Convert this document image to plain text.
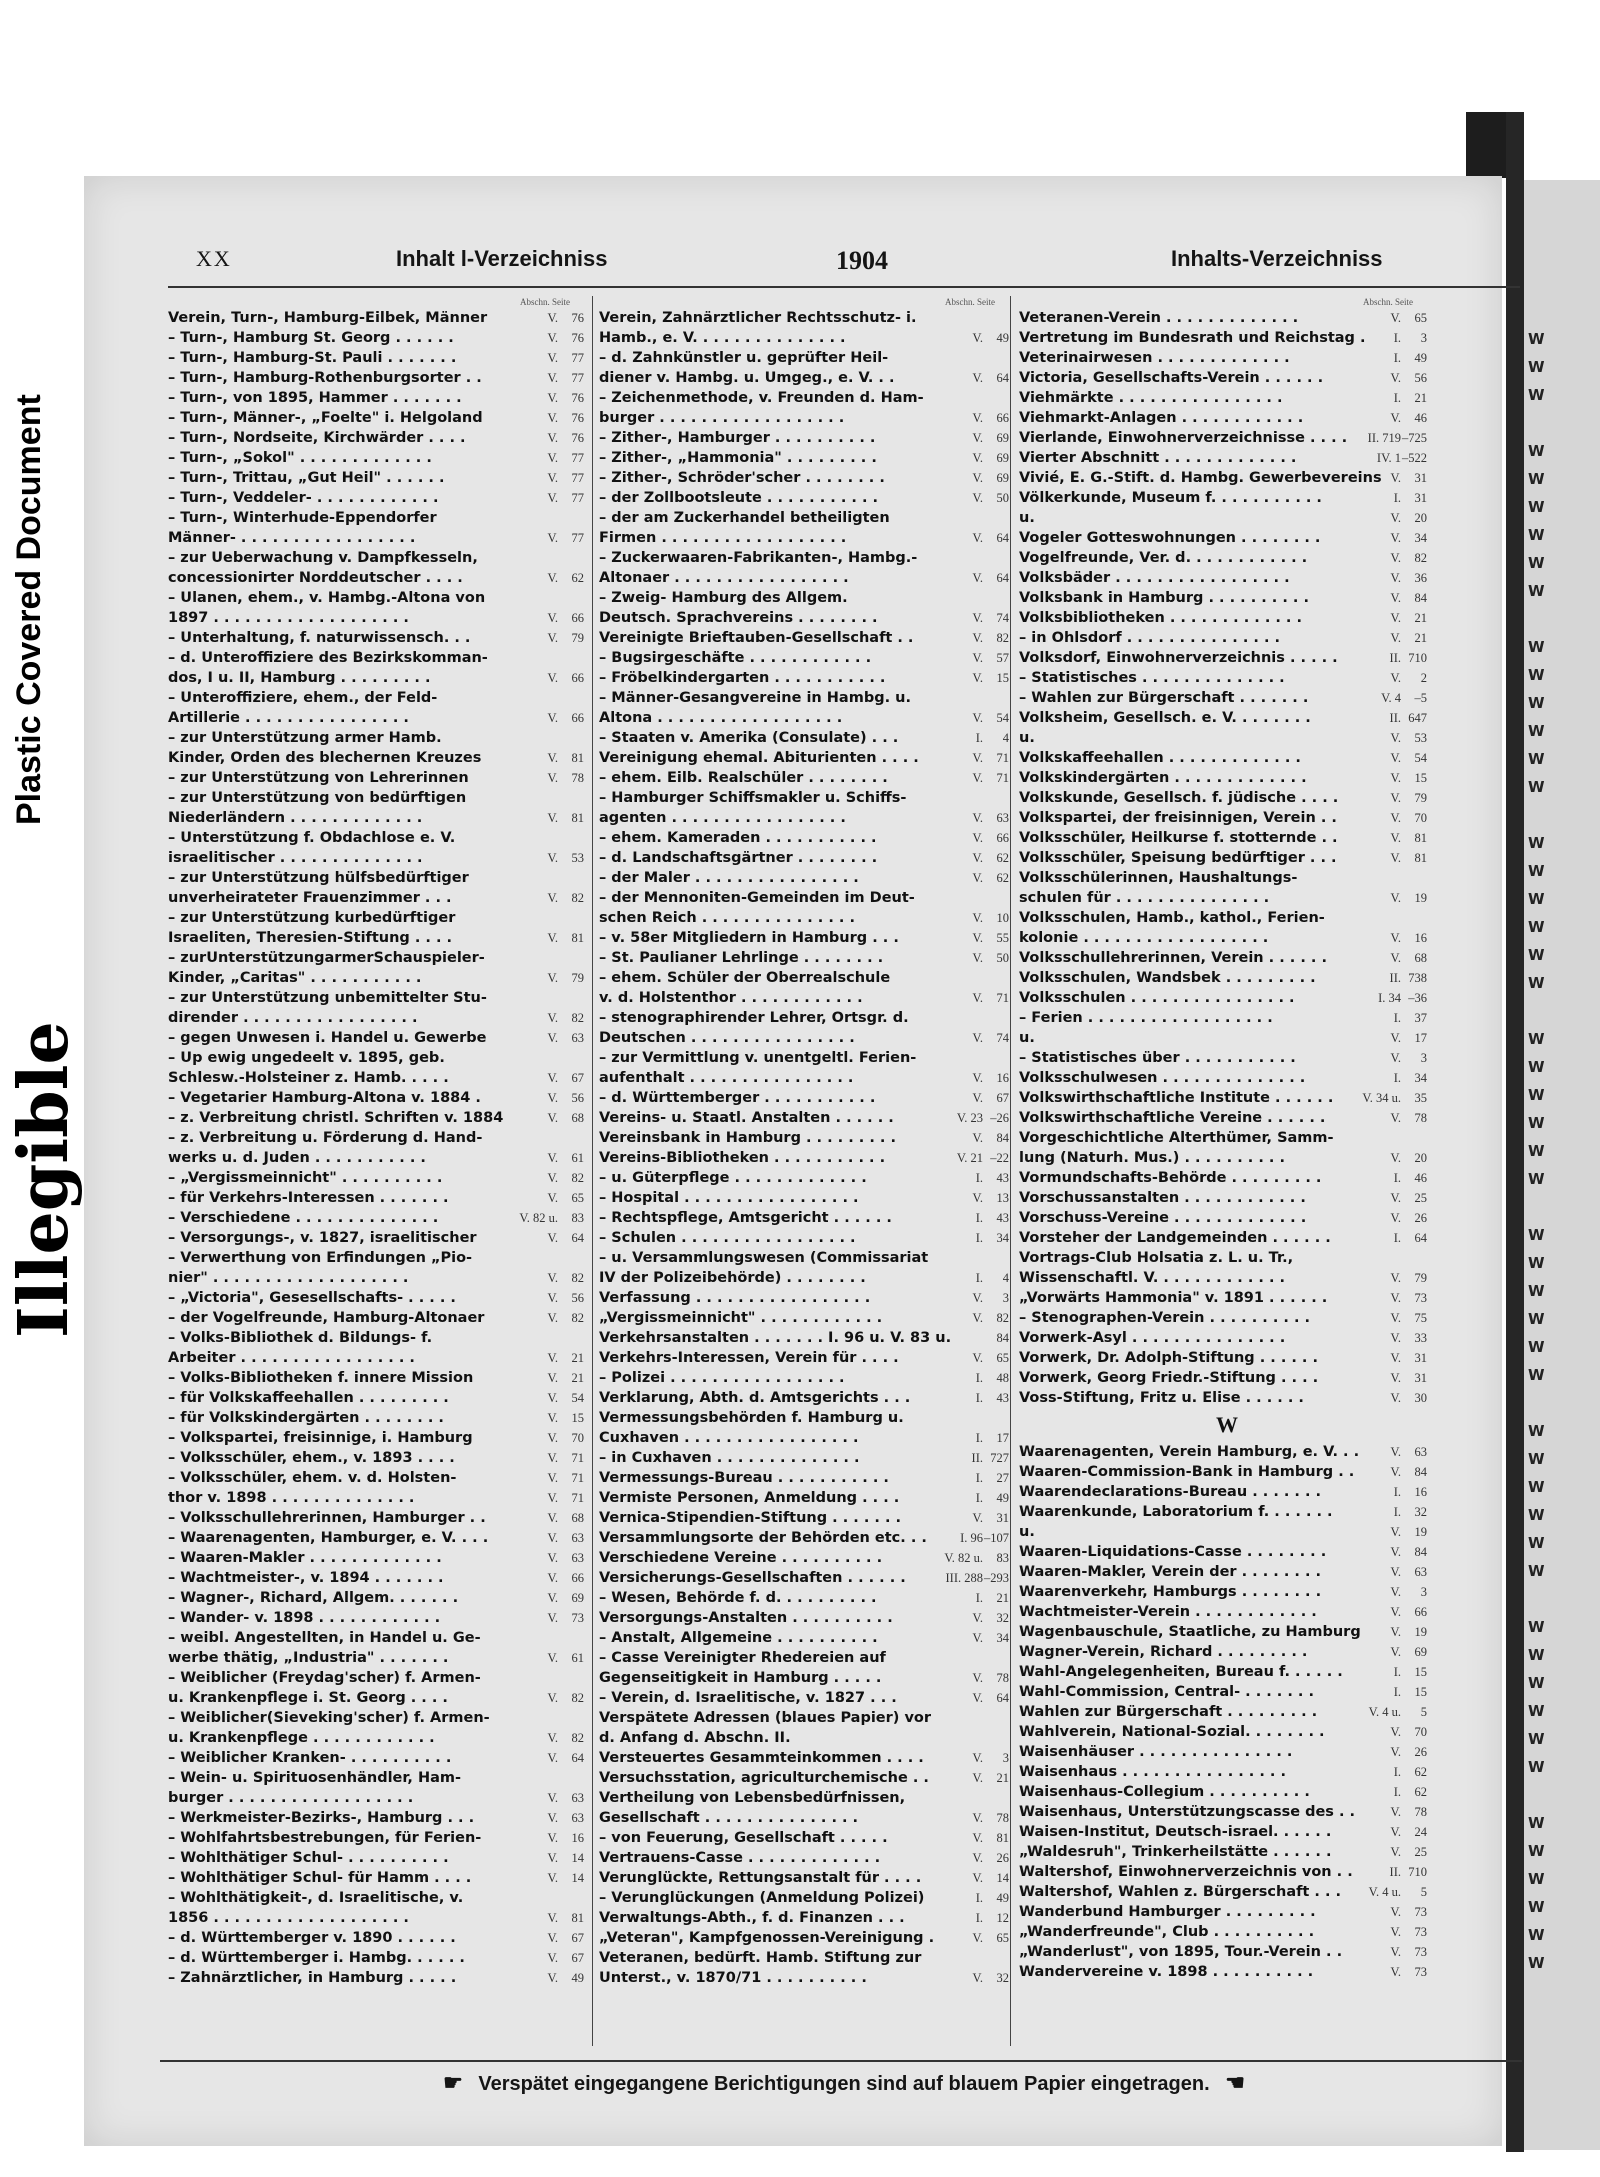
Plastic Covered Document
Illegible
W
W
W
W
W
W
W
W
W
W
W
W
W
W
W
W
W
W
W
W
W
W
W
W
W
W
W
W
W
W
W
W
W
W
W
W
W
W
W
W
W
W
W
W
W
W
W
W
W
W
W
XX	Inhalt l-Verzeichniss	1904	Inhalts-Verzeichniss
Abschn. Seite
Verein, Turn-, Hamburg-Eilbek, Männer	V. 76
– Turn-, Hamburg St. Georg . . . . . .	V. 76
– Turn-, Hamburg-St. Pauli . . . . . . .	V. 77
– Turn-, Hamburg-Rothenburgsorter . .	V. 77
– Turn-, von 1895, Hammer . . . . . . .	V. 76
– Turn-, Männer-, „Foelte" i. Helgoland	V. 76
– Turn-, Nordseite, Kirchwärder . . . .	V. 76
– Turn-, „Sokol" . . . . . . . . . . . . .	V. 77
– Turn-, Trittau, „Gut Heil" . . . . . .	V. 77
– Turn-, Veddeler- . . . . . . . . . . . .	V. 77
– Turn-, Winterhude-Eppendorfer
Männer- . . . . . . . . . . . . . . . . .	V. 77
– zur Ueberwachung v. Dampfkesseln,
concessionirter Norddeutscher . . . .	V. 62
– Ulanen, ehem., v. Hambg.-Altona von
1897 . . . . . . . . . . . . . . . . . . .	V. 66
– Unterhaltung, f. naturwissensch. . .	V. 79
– d. Unteroffiziere des Bezirkskomman-
dos, I u. II, Hamburg . . . . . . . . .	V. 66
– Unteroffiziere, ehem., der Feld-
Artillerie . . . . . . . . . . . . . . . .	V. 66
– zur Unterstützung armer Hamb.
Kinder, Orden des blechernen Kreuzes	V. 81
– zur Unterstützung von Lehrerinnen	V. 78
– zur Unterstützung von bedürftigen
Niederländern . . . . . . . . . . . . .	V. 81
– Unterstützung f. Obdachlose e. V.
israelitischer . . . . . . . . . . . . . .	V. 53
– zur Unterstützung hülfsbedürftiger
unverheirateter Frauenzimmer . . .	V. 82
– zur Unterstützung kurbedürftiger
Israeliten, Theresien-Stiftung . . . .	V. 81
– zurUnterstützungarmerSchauspieler-
Kinder, „Caritas" . . . . . . . . . . .	V. 79
– zur Unterstützung unbemittelter Stu-
dirender . . . . . . . . . . . . . . . . .	V. 82
– gegen Unwesen i. Handel u. Gewerbe	V. 63
– Up ewig ungedeelt v. 1895, geb.
Schlesw.-Holsteiner z. Hamb. . . . .	V. 67
– Vegetarier Hamburg-Altona v. 1884 .	V. 56
– z. Verbreitung christl. Schriften v. 1884	V. 68
– z. Verbreitung u. Förderung d. Hand-
werks u. d. Juden . . . . . . . . . . .	V. 61
– „Vergissmeinnicht" . . . . . . . . . .	V. 82
– für Verkehrs-Interessen . . . . . . .	V. 65
– Verschiedene . . . . . . . . . . . . . .	V. 82 u. 83
– Versorgungs-, v. 1827, israelitischer	V. 64
– Verwerthung von Erfindungen „Pio-
nier" . . . . . . . . . . . . . . . . . . .	V. 82
– „Victoria", Gesesellschafts- . . . . .	V. 56
– der Vogelfreunde, Hamburg-Altonaer	V. 82
– Volks-Bibliothek d. Bildungs- f.
Arbeiter . . . . . . . . . . . . . . . . .	V. 21
– Volks-Bibliotheken f. innere Mission	V. 21
– für Volkskaffeehallen . . . . . . . . .	V. 54
– für Volkskindergärten . . . . . . . .	V. 15
– Volkspartei, freisinnige, i. Hamburg	V. 70
– Volksschüler, ehem., v. 1893 . . . .	V. 71
– Volksschüler, ehem. v. d. Holsten-	V. 71
thor v. 1898 . . . . . . . . . . . . . .	V. 71
– Volksschullehrerinnen, Hamburger . .	V. 68
– Waarenagenten, Hamburger, e. V. . . .	V. 63
– Waaren-Makler . . . . . . . . . . . . .	V. 63
– Wachtmeister-, v. 1894 . . . . . . .	V. 66
– Wagner-, Richard, Allgem. . . . . . .	V. 69
– Wander- v. 1898 . . . . . . . . . . . .	V. 73
– weibl. Angestellten, in Handel u. Ge-
werbe thätig, „Industria" . . . . . . .	V. 61
– Weiblicher (Freydag'scher) f. Armen-
u. Krankenpflege i. St. Georg . . . .	V. 82
– Weiblicher(Sieveking'scher) f. Armen-
u. Krankenpflege . . . . . . . . . . . .	V. 82
– Weiblicher Kranken- . . . . . . . . . .	V. 64
– Wein- u. Spirituosenhändler, Ham-
burger . . . . . . . . . . . . . . . . . .	V. 63
– Werkmeister-Bezirks-, Hamburg . . .	V. 63
– Wohlfahrtsbestrebungen, für Ferien-	V. 16
– Wohlthätiger Schul- . . . . . . . . . .	V. 14
– Wohlthätiger Schul- für Hamm . . . .	V. 14
– Wohlthätigkeit-, d. Israelitische, v.
1856 . . . . . . . . . . . . . . . . . . .	V. 81
– d. Württemberger v. 1890 . . . . . .	V. 67
– d. Württemberger i. Hambg. . . . . .	V. 67
– Zahnärztlicher, in Hamburg . . . . .	V. 49
Abschn. Seite
Verein, Zahnärztlicher Rechtsschutz- i.
Hamb., e. V. . . . . . . . . . . . . . .	V. 49
– d. Zahnkünstler u. geprüfter Heil-
diener v. Hambg. u. Umgeg., e. V. . .	V. 64
– Zeichenmethode, v. Freunden d. Ham-
burger . . . . . . . . . . . . . . . . . .	V. 66
– Zither-, Hamburger . . . . . . . . . .	V. 69
– Zither-, „Hammonia" . . . . . . . . .	V. 69
– Zither-, Schröder'scher . . . . . . . .	V. 69
– der Zollbootsleute . . . . . . . . . . .	V. 50
– der am Zuckerhandel betheiligten
Firmen . . . . . . . . . . . . . . . . . .	V. 64
– Zuckerwaaren-Fabrikanten-, Hambg.-
Altonaer . . . . . . . . . . . . . . . . .	V. 64
– Zweig- Hamburg des Allgem.
Deutsch. Sprachvereins . . . . . . . .	V. 74
Vereinigte Brieftauben-Gesellschaft . .	V. 82
– Bugsirgeschäfte . . . . . . . . . . . .	V. 57
– Fröbelkindergarten . . . . . . . . . . .	V. 15
– Männer-Gesangvereine in Hambg. u.
Altona . . . . . . . . . . . . . . . . . .	V. 54
– Staaten v. Amerika (Consulate) . . .	I. 4
Vereinigung ehemal. Abiturienten . . . .	V. 71
– ehem. Eilb. Realschüler . . . . . . . .	V. 71
– Hamburger Schiffsmakler u. Schiffs-
agenten . . . . . . . . . . . . . . . . .	V. 63
– ehem. Kameraden . . . . . . . . . . .	V. 66
– d. Landschaftsgärtner . . . . . . . .	V. 62
– der Maler . . . . . . . . . . . . . . . .	V. 62
– der Mennoniten-Gemeinden im Deut-
schen Reich . . . . . . . . . . . . . . .	V. 10
– v. 58er Mitgliedern in Hamburg . . .	V. 55
– St. Paulianer Lehrlinge . . . . . . . .	V. 50
– ehem. Schüler der Oberrealschule
v. d. Holstenthor . . . . . . . . . . . .	V. 71
– stenographirender Lehrer, Ortsgr. d.
Deutschen . . . . . . . . . . . . . . . .	V. 74
– zur Vermittlung v. unentgeltl. Ferien-
aufenthalt . . . . . . . . . . . . . . . .	V. 16
– d. Württemberger . . . . . . . . . . .	V. 67
Vereins- u. Staatl. Anstalten . . . . . .	V. 23 –26
Vereinsbank in Hamburg . . . . . . . . .	V. 84
Vereins-Bibliotheken . . . . . . . . . . .	V. 21 –22
– u. Güterpflege . . . . . . . . . . . . .	I. 43
– Hospital . . . . . . . . . . . . . . . . .	V. 13
– Rechtspflege, Amtsgericht . . . . . .	I. 43
– Schulen . . . . . . . . . . . . . . . . .	I. 34
– u. Versammlungswesen (Commissariat
IV der Polizeibehörde) . . . . . . . .	I. 4
Verfassung . . . . . . . . . . . . . . . . .	V. 3
„Vergissmeinnicht" . . . . . . . . . . . .	V. 82
Verkehrsanstalten . . . . . . . I. 96 u. V. 83 u.	84
Verkehrs-Interessen, Verein für . . . .	V. 65
– Polizei . . . . . . . . . . . . . . . . .	I. 48
Verklarung, Abth. d. Amtsgerichts . . .	I. 43
Vermessungsbehörden f. Hamburg u.
Cuxhaven . . . . . . . . . . . . . . . . .	I. 17
– in Cuxhaven . . . . . . . . . . . . . .	II. 727
Vermessungs-Bureau . . . . . . . . . . .	I. 27
Vermiste Personen, Anmeldung . . . .	I. 49
Vernica-Stipendien-Stiftung . . . . . . .	V. 31
Versammlungsorte der Behörden etc. . .	I. 96 –107
Verschiedene Vereine . . . . . . . . . .	V. 82 u. 83
Versicherungs-Gesellschaften . . . . . .	III. 288 –293
– Wesen, Behörde f. d. . . . . . . . . .	I. 21
Versorgungs-Anstalten . . . . . . . . . .	V. 32
– Anstalt, Allgemeine . . . . . . . . . .	V. 34
– Casse Vereinigter Rhedereien auf
Gegenseitigkeit in Hamburg . . . . .	V. 78
– Verein, d. Israelitische, v. 1827 . . .	V. 64
Verspätete Adressen (blaues Papier) vor
d. Anfang d. Abschn. II.
Versteuertes Gesammteinkommen . . . .	V. 3
Versuchsstation, agriculturchemische . .	V. 21
Vertheilung von Lebensbedürfnissen,
Gesellschaft . . . . . . . . . . . . . . .	V. 78
– von Feuerung, Gesellschaft . . . . .	V. 81
Vertrauens-Casse . . . . . . . . . . . . .	V. 26
Verunglückte, Rettungsanstalt für . . . .	V. 14
– Verunglückungen (Anmeldung Polizei)	I. 49
Verwaltungs-Abth., f. d. Finanzen . . .	I. 12
„Veteran", Kampfgenossen-Vereinigung .	V. 65
Veteranen, bedürft. Hamb. Stiftung zur
Unterst., v. 1870/71 . . . . . . . . . .	V. 32
Abschn. Seite
Veteranen-Verein . . . . . . . . . . . . .	V. 65
Vertretung im Bundesrath und Reichstag . I. 3
Veterinairwesen . . . . . . . . . . . . .	I. 49
Victoria, Gesellschafts-Verein . . . . . .	V. 56
Viehmärkte . . . . . . . . . . . . . . . .	I. 21
Viehmarkt-Anlagen . . . . . . . . . . . .	V. 46
Vierlande, Einwohnerverzeichnisse . . . . II. 719 –725
Vierter Abschnitt . . . . . . . . . . . . .	IV. 1 –522
Vivié, E. G.-Stift. d. Hambg. Gewerbevereins V. 31
Völkerkunde, Museum f. . . . . . . . . . .	I. 31
u.	V. 20
Vogeler Gotteswohnungen . . . . . . . .	V. 34
Vogelfreunde, Ver. d. . . . . . . . . . . .	V. 82
Volksbäder . . . . . . . . . . . . . . . . .	V. 36
Volksbank in Hamburg . . . . . . . . . .	V. 84
Volksbibliotheken . . . . . . . . . . . . .	V. 21
– in Ohlsdorf . . . . . . . . . . . . . . .	V. 21
Volksdorf, Einwohnerverzeichnis . . . . .	II. 710
– Statistisches . . . . . . . . . . . . . .	V. 2
– Wahlen zur Bürgerschaft . . . . . . .	V. 4 –5
Volksheim, Gesellsch. e. V. . . . . . . .	II. 647
u.	V. 53
Volkskaffeehallen . . . . . . . . . . . . .	V. 54
Volkskindergärten . . . . . . . . . . . . .	V. 15
Volkskunde, Gesellsch. f. jüdische . . . .	V. 79
Volkspartei, der freisinnigen, Verein . .	V. 70
Volksschüler, Heilkurse f. stotternde . .	V. 81
Volksschüler, Speisung bedürftiger . . .	V. 81
Volksschülerinnen, Haushaltungs-
schulen für . . . . . . . . . . . . . . .	V. 19
Volksschulen, Hamb., kathol., Ferien-
kolonie . . . . . . . . . . . . . . . . . .	V. 16
Volksschullehrerinnen, Verein . . . . . .	V. 68
Volksschulen, Wandsbek . . . . . . . . .	II. 738
Volksschulen . . . . . . . . . . . . . . . .	I. 34 –36
– Ferien . . . . . . . . . . . . . . . . . .	I. 37
u.	V. 17
– Statistisches über . . . . . . . . . . .	V. 3
Volksschulwesen . . . . . . . . . . . . . .	I. 34
Volkswirthschaftliche Institute . . . . . . V. 34 u. 35
Volkswirthschaftliche Vereine . . . . . .	V. 78
Vorgeschichtliche Alterthümer, Samm-
lung (Naturh. Mus.) . . . . . . . . . .	V. 20
Vormundschafts-Behörde . . . . . . . . .	I. 46
Vorschussanstalten . . . . . . . . . . . .	V. 25
Vorschuss-Vereine . . . . . . . . . . . . .	V. 26
Vorsteher der Landgemeinden . . . . . .	I. 64
Vortrags-Club Holsatia z. L. u. Tr.,
Wissenschaftl. V. . . . . . . . . . . . .	V. 79
„Vorwärts Hammonia" v. 1891 . . . . . .	V. 73
– Stenographen-Verein . . . . . . . . . .	V. 75
Vorwerk-Asyl . . . . . . . . . . . . . . .	V. 33
Vorwerk, Dr. Adolph-Stiftung . . . . . .	V. 31
Vorwerk, Georg Friedr.-Stiftung . . . .	V. 31
Voss-Stiftung, Fritz u. Elise . . . . . .	V. 30
W
Waarenagenten, Verein Hamburg, e. V. . .	V. 63
Waaren-Commission-Bank in Hamburg . .	V. 84
Waarendeclarations-Bureau . . . . . . .	I. 16
Waarenkunde, Laboratorium f. . . . . . .	I. 32
u.	V. 19
Waaren-Liquidations-Casse . . . . . . . .	V. 84
Waaren-Makler, Verein der . . . . . . . .	V. 63
Waarenverkehr, Hamburgs . . . . . . . .	V. 3
Wachtmeister-Verein . . . . . . . . . . . .	V. 66
Wagenbauschule, Staatliche, zu Hamburg V. 19
Wagner-Verein, Richard . . . . . . . . .	V. 69
Wahl-Angelegenheiten, Bureau f. . . . . .	I. 15
Wahl-Commission, Central- . . . . . . .	I. 15
Wahlen zur Bürgerschaft . . . . . . . . .	V. 4 u. 5
Wahlverein, National-Sozial. . . . . . . .	V. 70
Waisenhäuser . . . . . . . . . . . . . . .	V. 26
Waisenhaus . . . . . . . . . . . . . . . .	I. 62
Waisenhaus-Collegium . . . . . . . . . .	I. 62
Waisenhaus, Unterstützungscasse des . .	V. 78
Waisen-Institut, Deutsch-israel. . . . . .	V. 24
„Waldesruh", Trinkerheilstätte . . . . . .	V. 25
Waltershof, Einwohnerverzeichnis von . .	II. 710
Waltershof, Wahlen z. Bürgerschaft . . . V. 4 u. 5
Wanderbund Hamburger . . . . . . . . .	V. 73
„Wanderfreunde", Club . . . . . . . . . .	V. 73
„Wanderlust", von 1895, Tour.-Verein . .	V. 73
Wandervereine v. 1898 . . . . . . . . . .	V. 73
☛ Verspätet eingegangene Berichtigungen sind auf blauem Papier eingetragen. ☚
